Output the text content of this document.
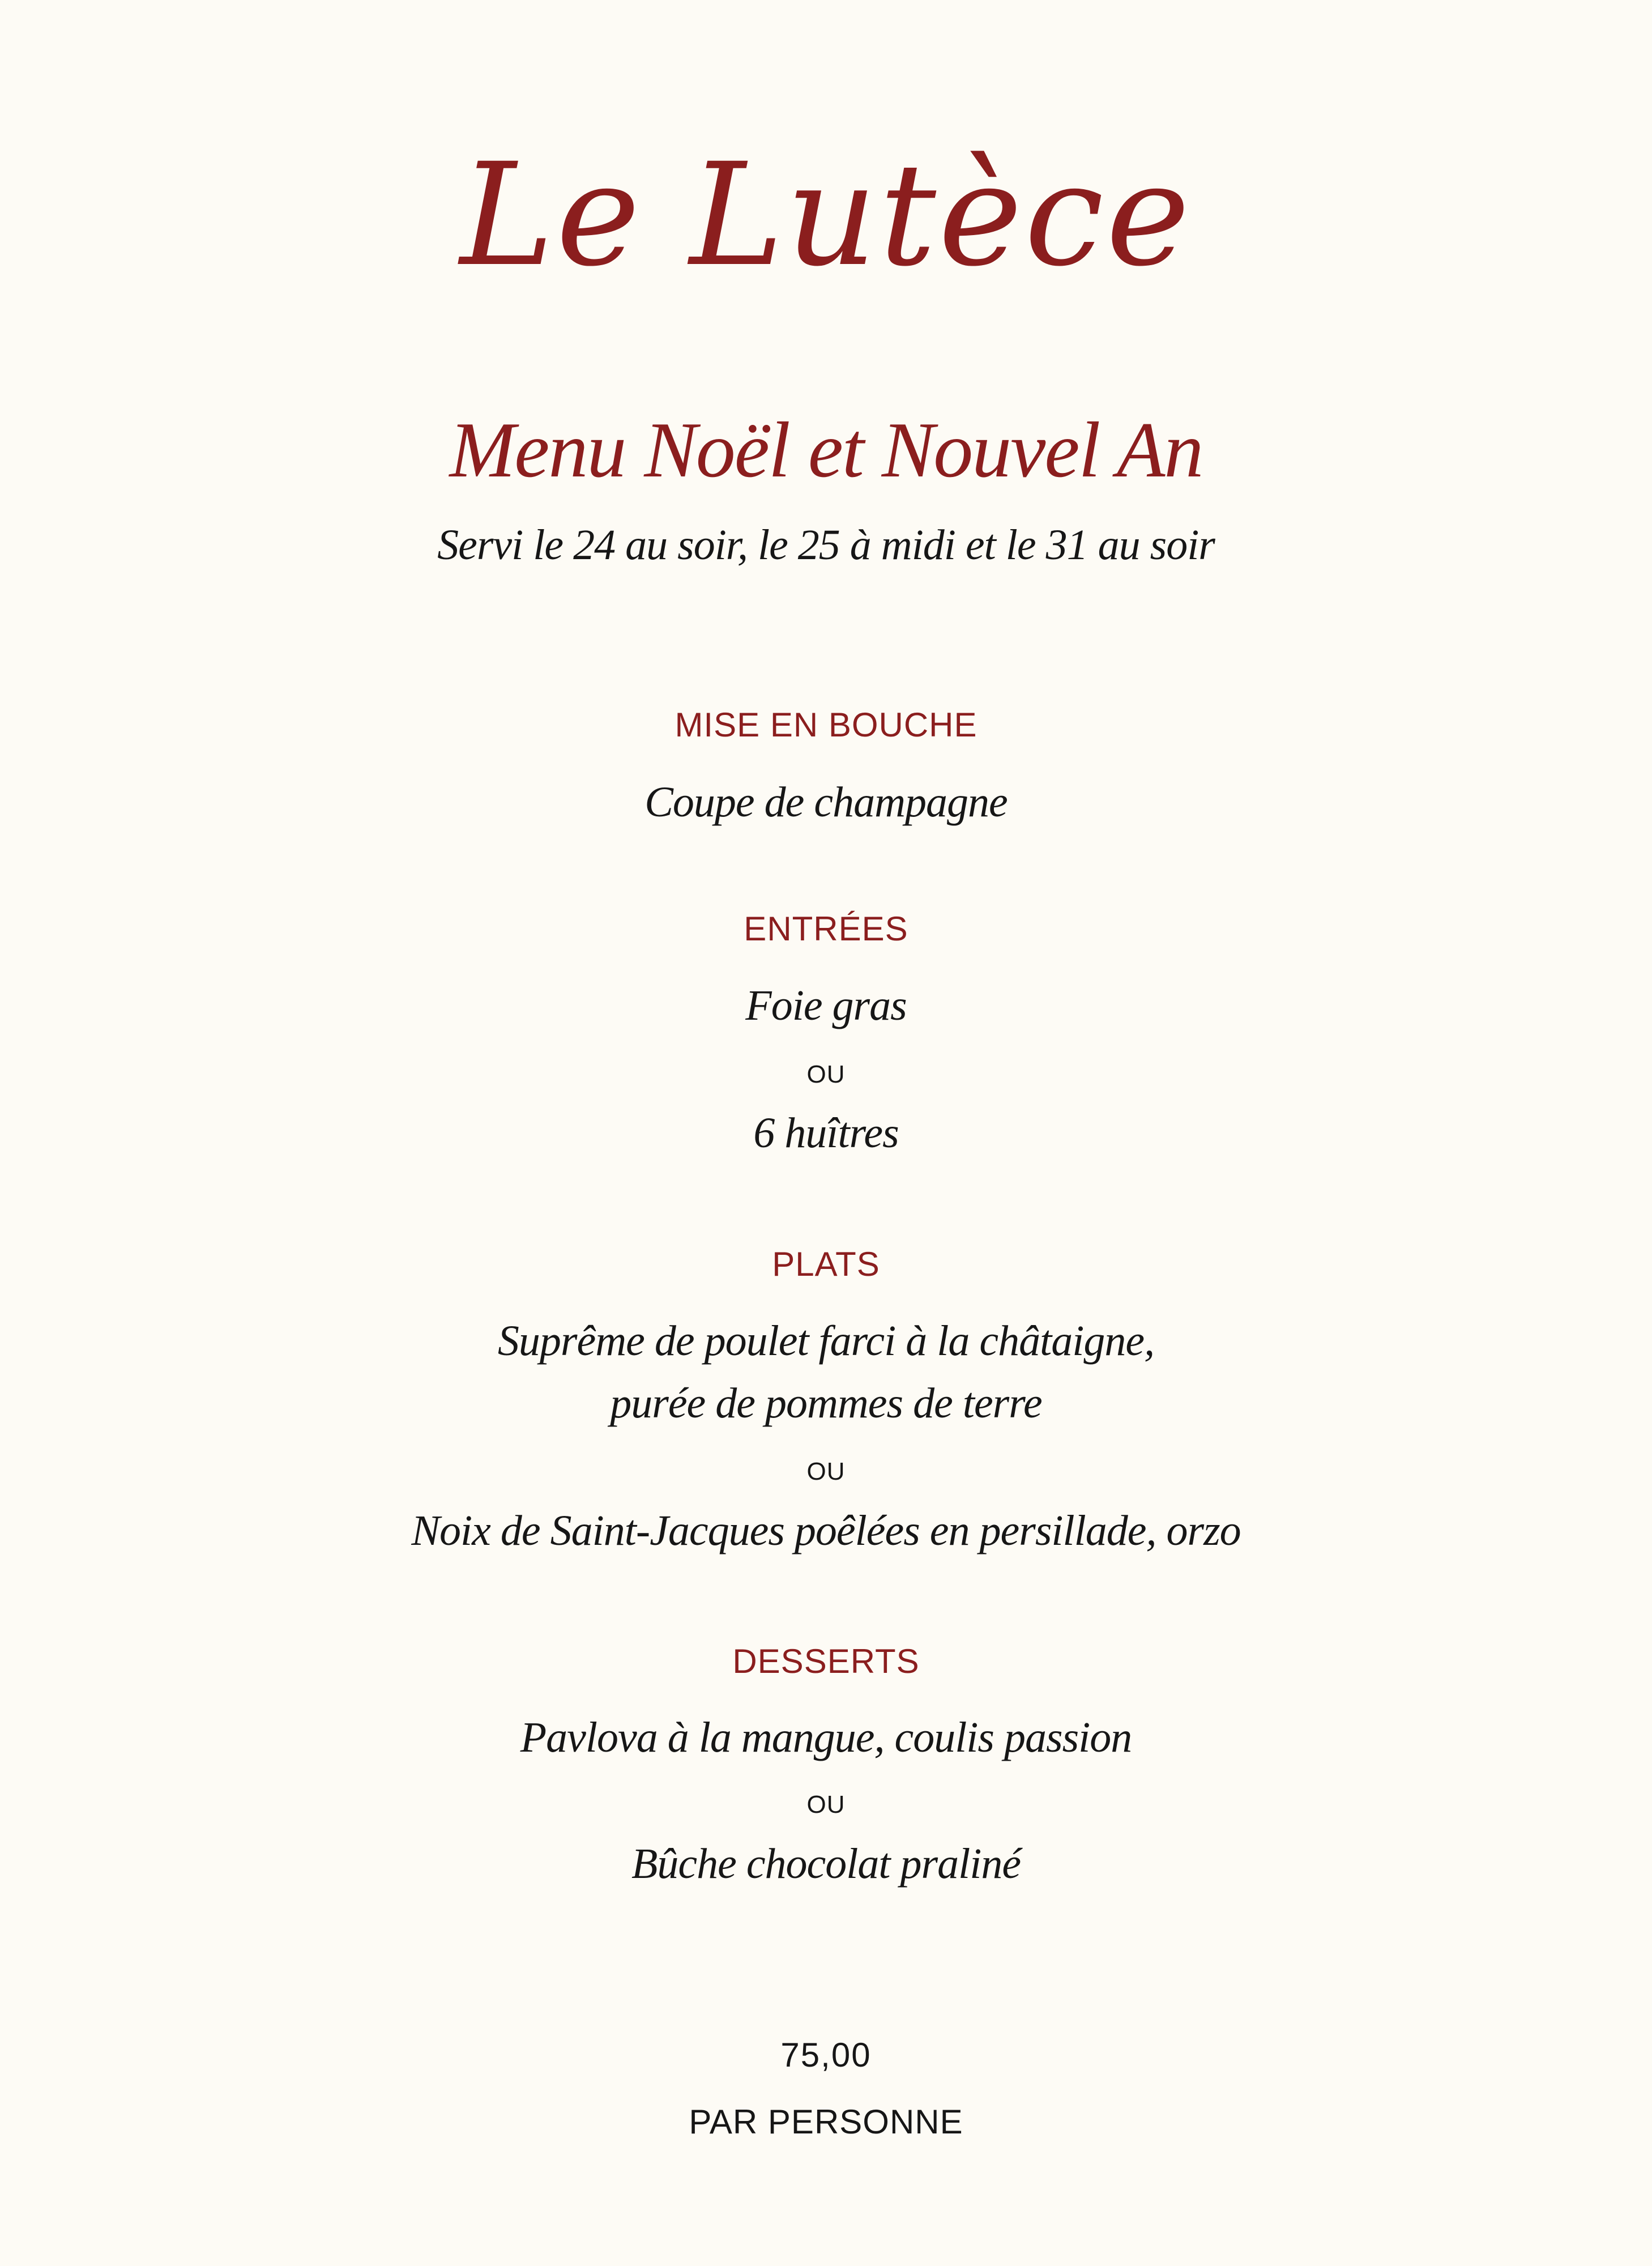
Le Lutèce
Menu Noël et Nouvel An
Servi le 24 au soir, le 25 à midi et le 31 au soir
MISE EN BOUCHE
Coupe de champagne
ENTRÉES
Foie gras
OU
6 huîtres
PLATS
Suprême de poulet farci à la châtaigne,
purée de pommes de terre
OU
Noix de Saint-Jacques poêlées en persillade, orzo
DESSERTS
Pavlova à la mangue, coulis passion
OU
Bûche chocolat praliné
75,00
PAR PERSONNE
